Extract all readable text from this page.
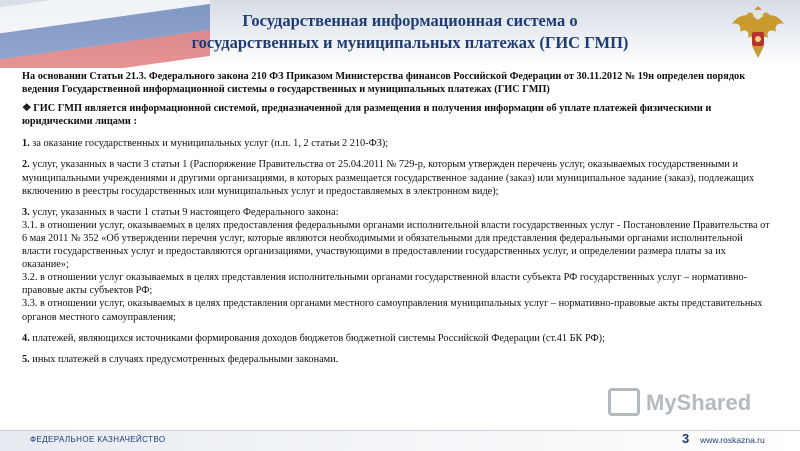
Государственная информационная система о
государственных и муниципальных платежах (ГИС ГМП)

На основании Статьи 21.3. Федерального закона 210 ФЗ Приказом Министерства финансов Российской Федерации от 30.11.2012 № 19н определен порядок ведения Государственной информационной системы о государственных и муниципальных платежах (ГИС ГМП)

❖ ГИС ГМП является информационной системой, предназначенной для размещения и получения информации об уплате платежей физическими и юридическими лицами :

1. за оказание государственных и муниципальных услуг (п.п. 1, 2 статьи 2 210-ФЗ);

2. услуг, указанных в части 3 статьи 1 (Распоряжение Правительства от 25.04.2011 № 729-р, которым утвержден перечень услуг, оказываемых государственными и муниципальными учреждениями и другими организациями, в которых размещается государственное задание (заказ) или муниципальное задание (заказ), подлежащих включению в реестры государственных или муниципальных услуг и предоставляемых в электронном виде);

3. услуг, указанных в части 1 статьи 9 настоящего Федерального закона:
3.1. в отношении услуг, оказываемых в целях предоставления федеральными органами исполнительной власти государственных услуг - Постановление Правительства от 6 мая 2011 № 352 «Об утверждении перечня услуг, которые являются необходимыми и обязательными для представления федеральными органами исполнительной власти государственных услуг и предоставляются организациями, участвующими в предоставлении государственных услуг, и определении размера платы за их оказание»;
3.2. в отношении услуг оказываемых в целях представления исполнительными органами государственной власти субъекта РФ государственных услуг – нормативно-правовые акты субъектов РФ;
3.3. в отношении услуг, оказываемых в целях представления органами местного самоуправления муниципальных услуг – нормативно-правовые акты представительных органов местного самоуправления;

4. платежей, являющихся источниками формирования доходов бюджетов бюджетной системы Российской Федерации (ст.41 БК РФ);

5. иных платежей в случаях предусмотренных федеральными законами.

MyShared
ФЕДЕРАЛЬНОЕ КАЗНАЧЕЙСТВО	3 www.roskazna.ru
